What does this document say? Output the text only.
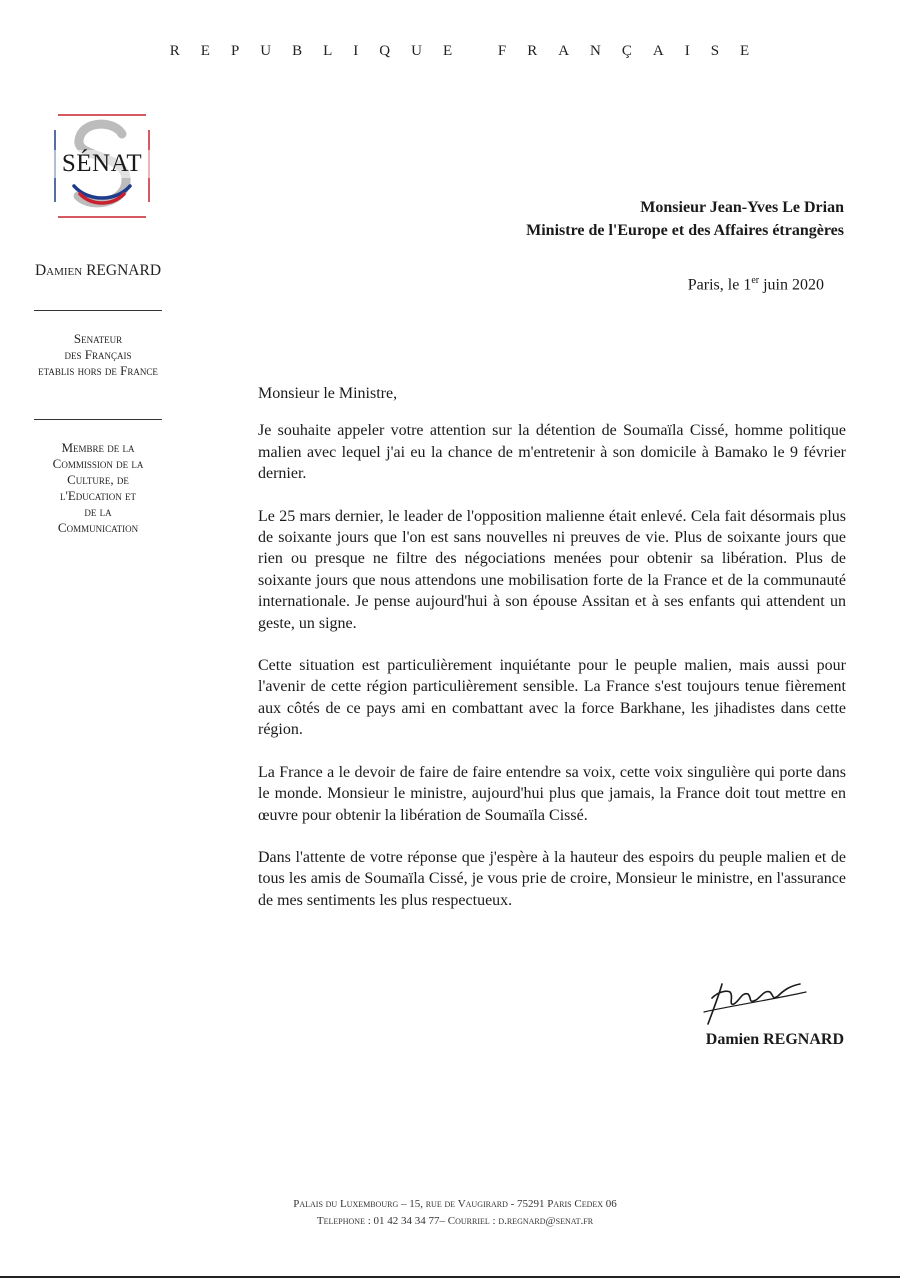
REPUBLIQUE FRANÇAISE
SÉNAT

Damien REGNARD

Senateur

des Français

etablis hors de France

Membre de la

Commission de la

Culture, de

l'Education et

de la

Communication

Monsieur Jean-Yves Le Drian
Ministre de l'Europe et des Affaires étrangères
Paris, le 1er juin 2020

Monsieur le Ministre,

Je souhaite appeler votre attention sur la détention de Soumaïla Cissé, homme politique malien avec lequel j'ai eu la chance de m'entretenir à son domicile à Bamako le 9 février dernier.

Le 25 mars dernier, le leader de l'opposition malienne était enlevé. Cela fait désormais plus de soixante jours que l'on est sans nouvelles ni preuves de vie. Plus de soixante jours que rien ou presque ne filtre des négociations menées pour obtenir sa libération. Plus de soixante jours que nous attendons une mobilisation forte de la France et de la communauté internationale. Je pense aujourd'hui à son épouse Assitan et à ses enfants qui attendent un geste, un signe.

Cette situation est particulièrement inquiétante pour le peuple malien, mais aussi pour l'avenir de cette région particulièrement sensible. La France s'est toujours tenue fièrement aux côtés de ce pays ami en combattant avec la force Barkhane, les jihadistes dans cette région.

La France a le devoir de faire de faire entendre sa voix, cette voix singulière qui porte dans le monde. Monsieur le ministre, aujourd'hui plus que jamais, la France doit tout mettre en œuvre pour obtenir la libération de Soumaïla Cissé.

Dans l'attente de votre réponse que j'espère à la hauteur des espoirs du peuple malien et de tous les amis de Soumaïla Cissé, je vous prie de croire, Monsieur le ministre, en l'assurance de mes sentiments les plus respectueux.

Damien REGNARD

Palais du Luxembourg – 15, rue de Vaugirard - 75291 Paris Cedex 06

Telephone : 01 42 34 34 77– Courriel : d.regnard@senat.fr
